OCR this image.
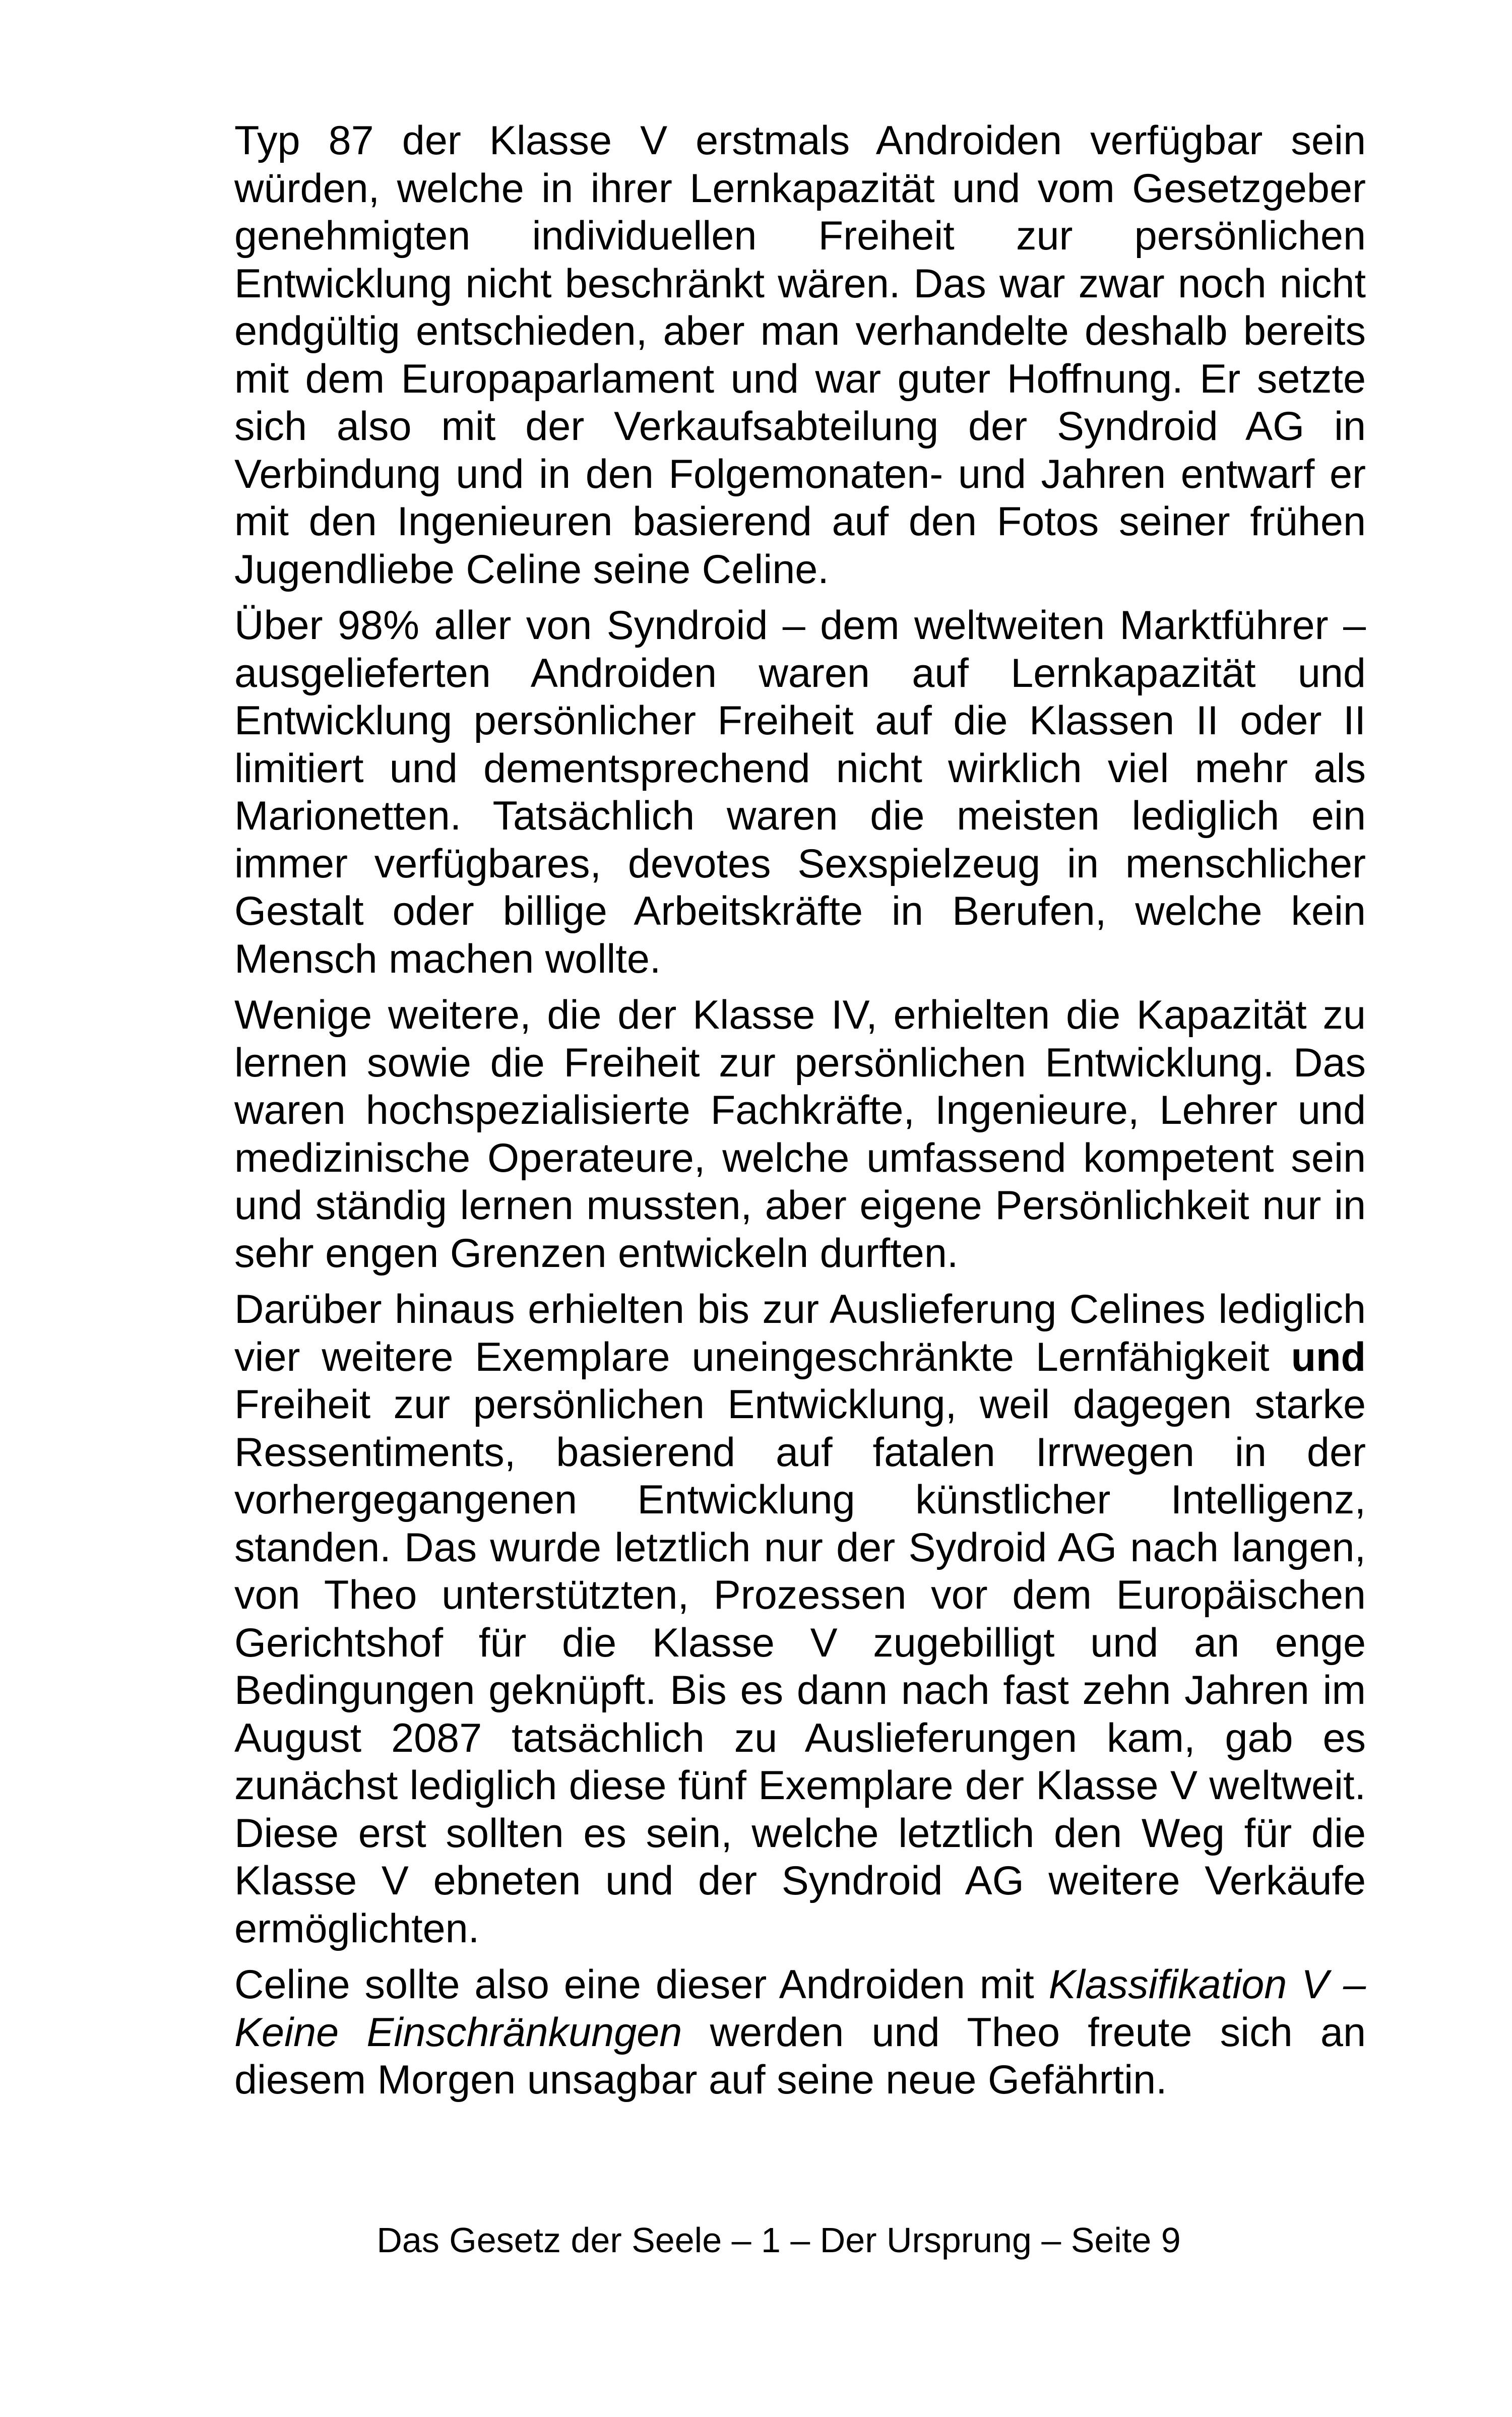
Typ 87 der Klasse V erstmals Androiden verfügbar sein würden, welche in ihrer Lernkapazität und vom Gesetzgeber genehmigten individuellen Freiheit zur persönlichen Entwicklung nicht beschränkt wären. Das war zwar noch nicht endgültig entschieden, aber man verhandelte deshalb bereits mit dem Europaparlament und war guter Hoffnung. Er setzte sich also mit der Verkaufsabteilung der Syndroid AG in Verbindung und in den Folgemonaten- und Jahren entwarf er mit den Ingenieuren basierend auf den Fotos seiner frühen Jugendliebe Celine seine Celine.

Über 98% aller von Syndroid – dem weltweiten Marktführer – ausgelieferten Androiden waren auf Lernkapazität und Entwicklung persönlicher Freiheit auf die Klassen II oder II limitiert und dementsprechend nicht wirklich viel mehr als Marionetten. Tatsächlich waren die meisten lediglich ein immer verfügbares, devotes Sexspielzeug in menschlicher Gestalt oder billige Arbeitskräfte in Berufen, welche kein Mensch machen wollte.

Wenige weitere, die der Klasse IV, erhielten die Kapazität zu lernen sowie die Freiheit zur persönlichen Entwicklung. Das waren hochspezialisierte Fachkräfte, Ingenieure, Lehrer und medizinische Operateure, welche umfassend kompetent sein und ständig lernen mussten, aber eigene Persönlichkeit nur in sehr engen Grenzen entwickeln durften.

Darüber hinaus erhielten bis zur Auslieferung Celines lediglich vier weitere Exemplare uneingeschränkte Lernfähigkeit und Freiheit zur persönlichen Entwicklung, weil dagegen starke Ressentiments, basierend auf fatalen Irrwegen in der vorhergegangenen Entwicklung künstlicher Intelligenz, standen. Das wurde letztlich nur der Sydroid AG nach langen, von Theo unterstützten, Prozessen vor dem Europäischen Gerichtshof für die Klasse V zugebilligt und an enge Bedingungen geknüpft. Bis es dann nach fast zehn Jahren im August 2087 tatsächlich zu Auslieferungen kam, gab es zunächst lediglich diese fünf Exemplare der Klasse V weltweit. Diese erst sollten es sein, welche letztlich den Weg für die Klasse V ebneten und der Syndroid AG weitere Verkäufe ermöglichten.

Celine sollte also eine dieser Androiden mit Klassifikation V – Keine Einschränkungen werden und Theo freute sich an diesem Morgen unsagbar auf seine neue Gefährtin.

Das Gesetz der Seele – 1 – Der Ursprung – Seite 9
